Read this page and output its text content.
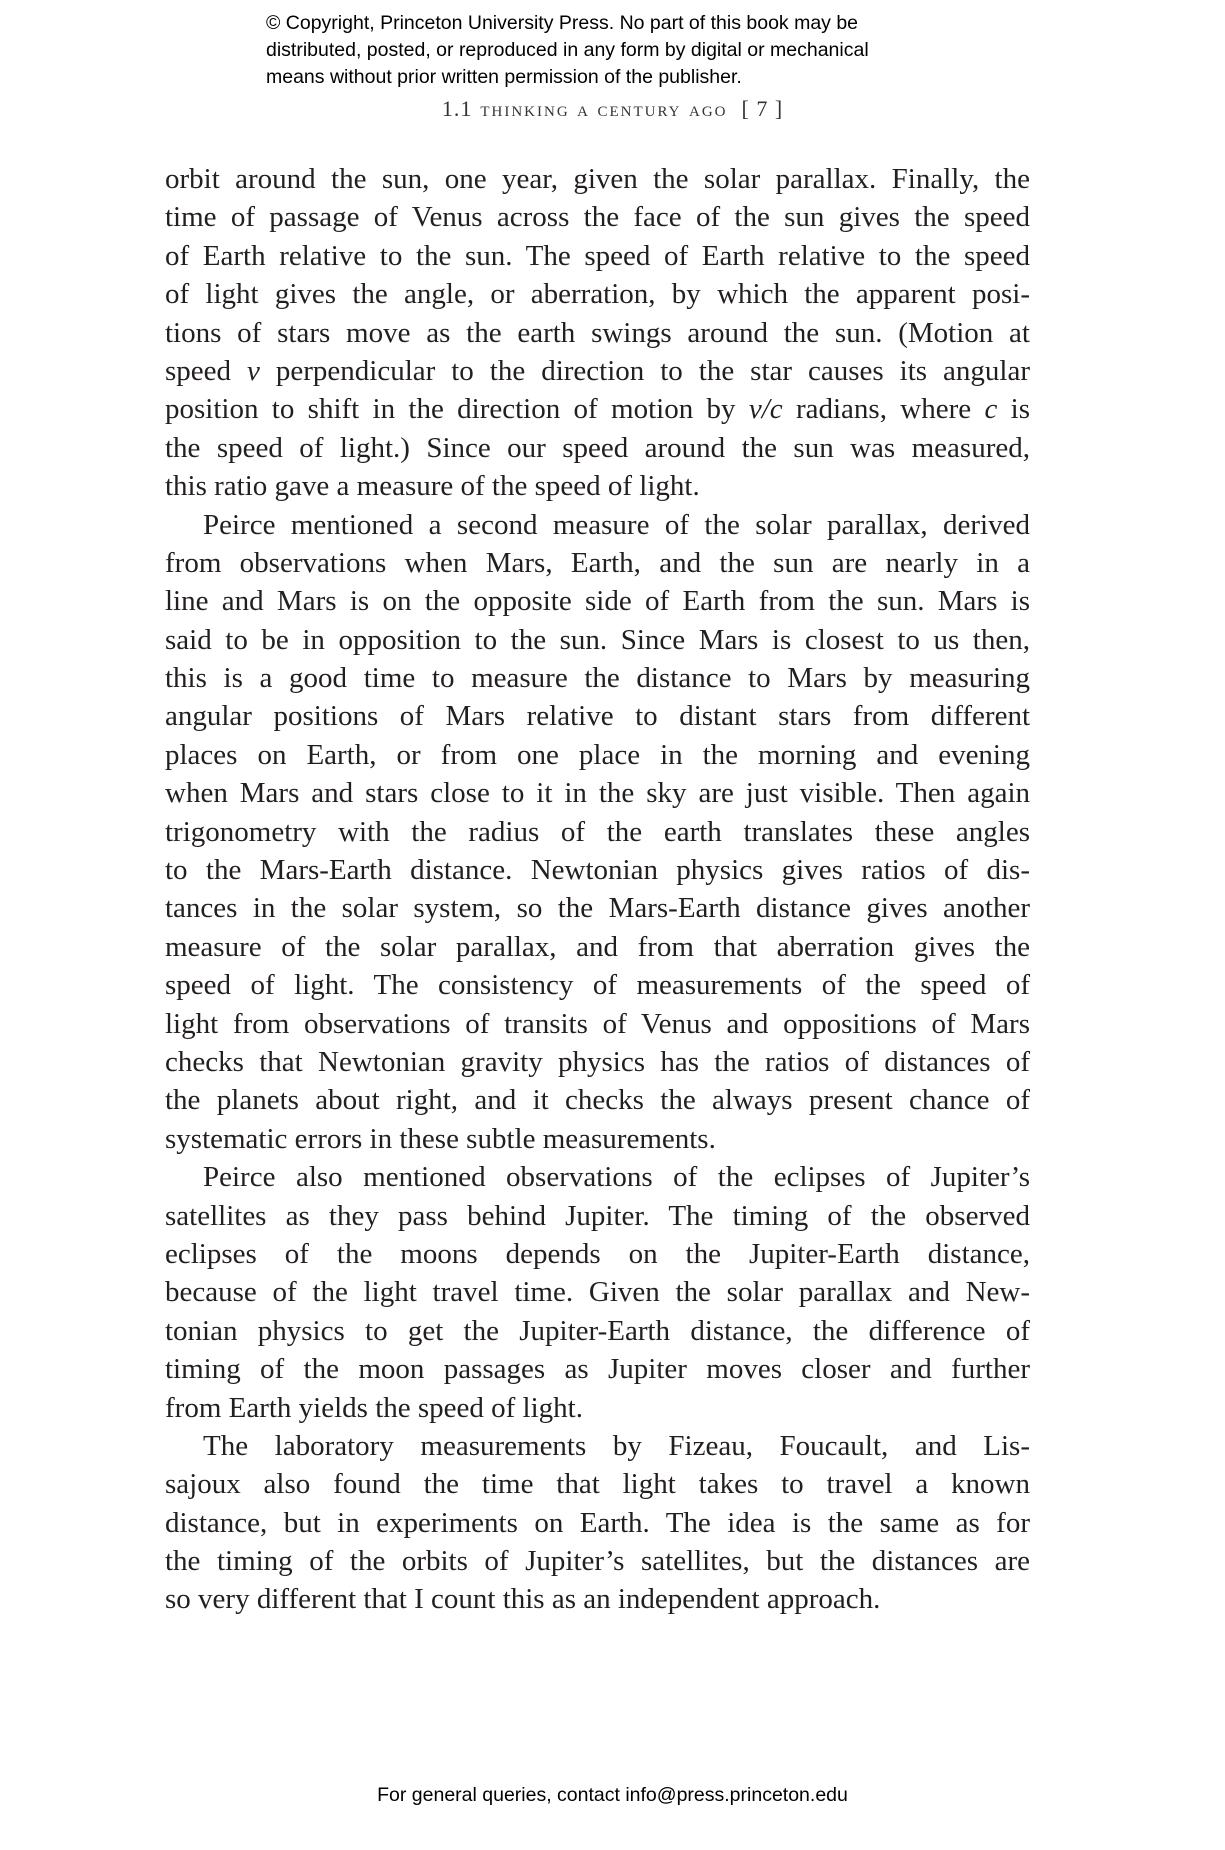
© Copyright, Princeton University Press. No part of this book may be
distributed, posted, or reproduced in any form by digital or mechanical
means without prior written permission of the publisher.
1.1 thinking a century ago [ 7 ]
orbit around the sun, one year, given the solar parallax. Finally, the
time of passage of Venus across the face of the sun gives the speed
of Earth relative to the sun. The speed of Earth relative to the speed
of light gives the angle, or aberration, by which the apparent posi-
tions of stars move as the earth swings around the sun. (Motion at
speed v perpendicular to the direction to the star causes its angular
position to shift in the direction of motion by v/c radians, where c is
the speed of light.) Since our speed around the sun was measured,
this ratio gave a measure of the speed of light.
Peirce mentioned a second measure of the solar parallax, derived
from observations when Mars, Earth, and the sun are nearly in a
line and Mars is on the opposite side of Earth from the sun. Mars is
said to be in opposition to the sun. Since Mars is closest to us then,
this is a good time to measure the distance to Mars by measuring
angular positions of Mars relative to distant stars from different
places on Earth, or from one place in the morning and evening
when Mars and stars close to it in the sky are just visible. Then again
trigonometry with the radius of the earth translates these angles
to the Mars-Earth distance. Newtonian physics gives ratios of dis-
tances in the solar system, so the Mars-Earth distance gives another
measure of the solar parallax, and from that aberration gives the
speed of light. The consistency of measurements of the speed of
light from observations of transits of Venus and oppositions of Mars
checks that Newtonian gravity physics has the ratios of distances of
the planets about right, and it checks the always present chance of
systematic errors in these subtle measurements.
Peirce also mentioned observations of the eclipses of Jupiter’s
satellites as they pass behind Jupiter. The timing of the observed
eclipses of the moons depends on the Jupiter-Earth distance,
because of the light travel time. Given the solar parallax and New-
tonian physics to get the Jupiter-Earth distance, the difference of
timing of the moon passages as Jupiter moves closer and further
from Earth yields the speed of light.
The laboratory measurements by Fizeau, Foucault, and Lis-
sajoux also found the time that light takes to travel a known
distance, but in experiments on Earth. The idea is the same as for
the timing of the orbits of Jupiter’s satellites, but the distances are
so very different that I count this as an independent approach.
For general queries, contact info@press.princeton.edu
